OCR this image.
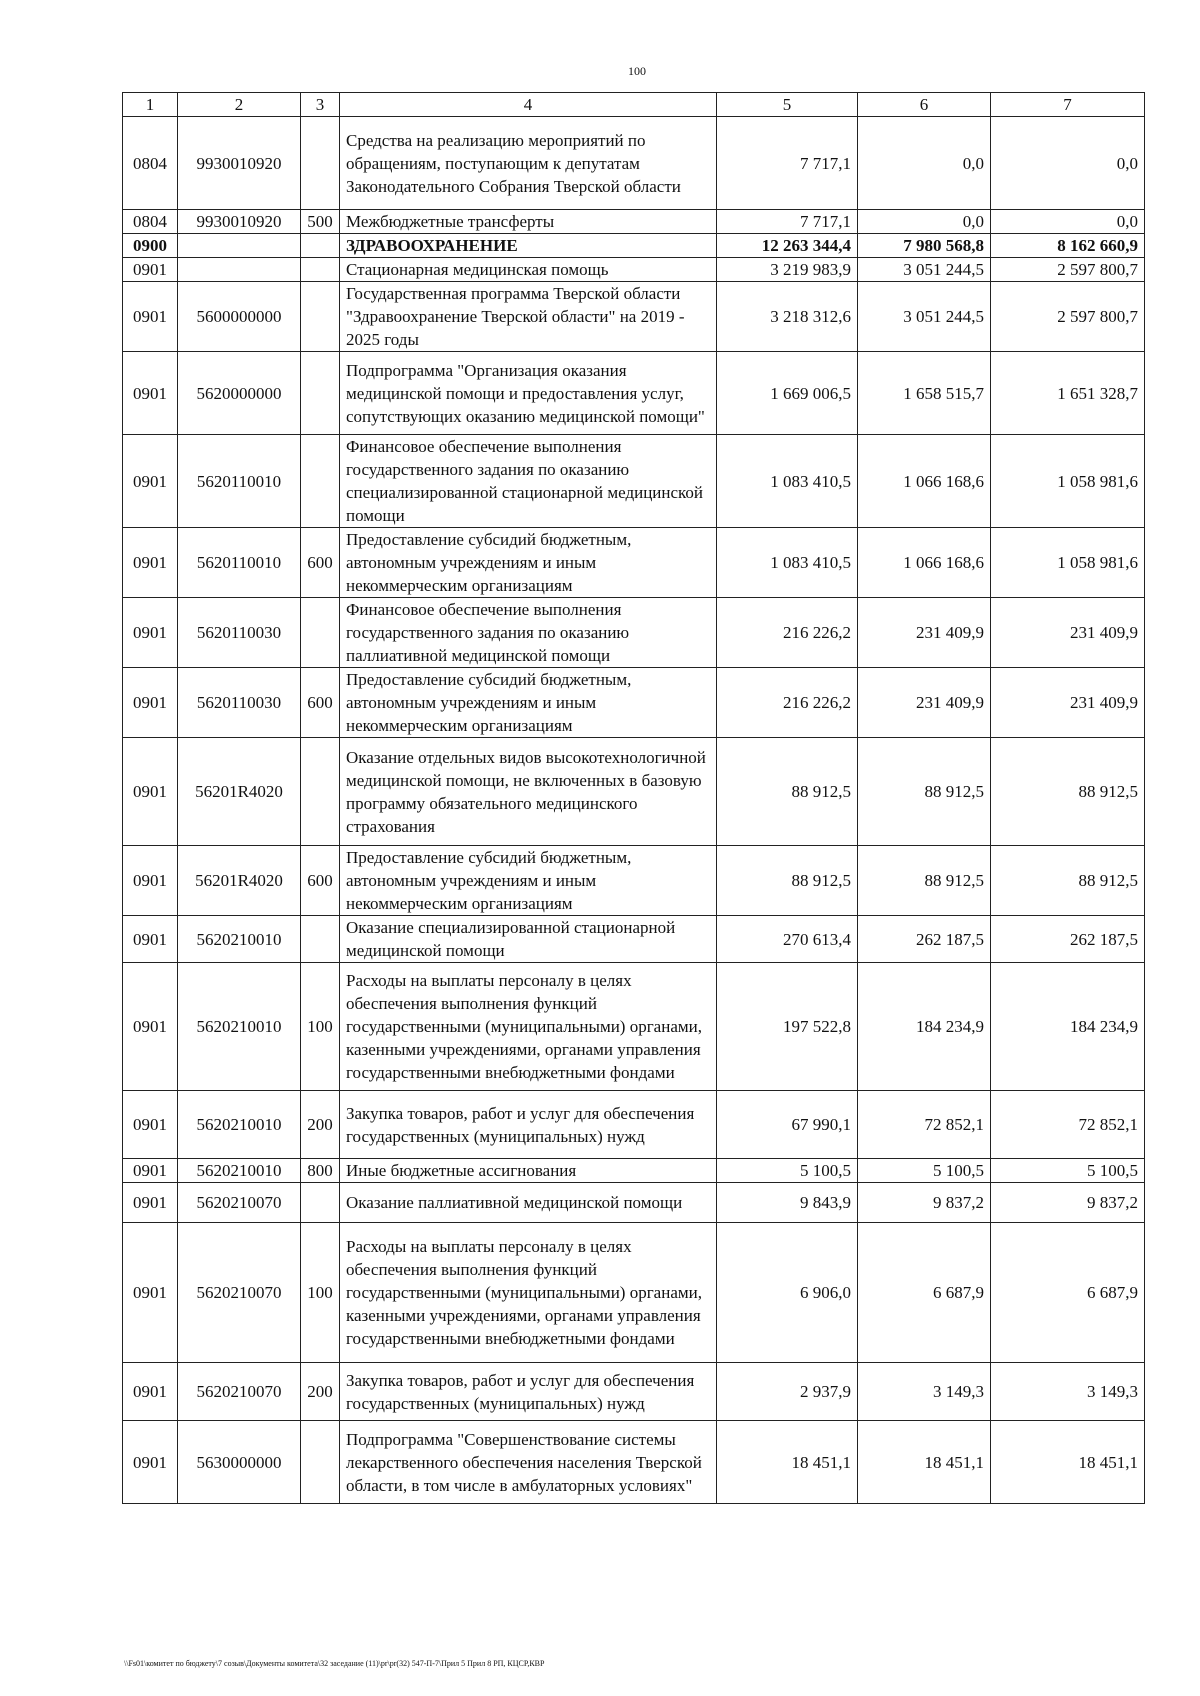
100
1	2	3	4	5	6	7
0804	9930010920		Средства на реализацию мероприятий по обращениям, поступающим к депутатам Законодательного Собрания Тверской области	7 717,1	0,0	0,0
0804	9930010920	500	Межбюджетные трансферты	7 717,1	0,0	0,0
0900			ЗДРАВООХРАНЕНИЕ	12 263 344,4	7 980 568,8	8 162 660,9
0901			Стационарная медицинская помощь	3 219 983,9	3 051 244,5	2 597 800,7
0901	5600000000		Государственная программа Тверской области "Здравоохранение Тверской области" на 2019 - 2025 годы	3 218 312,6	3 051 244,5	2 597 800,7
0901	5620000000		Подпрограмма "Организация оказания медицинской помощи и предоставления услуг, сопутствующих оказанию медицинской помощи"	1 669 006,5	1 658 515,7	1 651 328,7
0901	5620110010		Финансовое обеспечение выполнения государственного задания по оказанию специализированной стационарной медицинской помощи	1 083 410,5	1 066 168,6	1 058 981,6
0901	5620110010	600	Предоставление субсидий бюджетным, автономным учреждениям и иным некоммерческим организациям	1 083 410,5	1 066 168,6	1 058 981,6
0901	5620110030		Финансовое обеспечение выполнения государственного задания по оказанию паллиативной медицинской помощи	216 226,2	231 409,9	231 409,9
0901	5620110030	600	Предоставление субсидий бюджетным, автономным учреждениям и иным некоммерческим организациям	216 226,2	231 409,9	231 409,9
0901	56201R4020		Оказание отдельных видов высокотехнологичной медицинской помощи, не включенных в базовую программу обязательного медицинского страхования	88 912,5	88 912,5	88 912,5
0901	56201R4020	600	Предоставление субсидий бюджетным, автономным учреждениям и иным некоммерческим организациям	88 912,5	88 912,5	88 912,5
0901	5620210010		Оказание специализированной стационарной медицинской помощи	270 613,4	262 187,5	262 187,5
0901	5620210010	100	Расходы на выплаты персоналу в целях обеспечения выполнения функций государственными (муниципальными) органами, казенными учреждениями, органами управления государственными внебюджетными фондами	197 522,8	184 234,9	184 234,9
0901	5620210010	200	Закупка товаров, работ и услуг для обеспечения государственных (муниципальных) нужд	67 990,1	72 852,1	72 852,1
0901	5620210010	800	Иные бюджетные ассигнования	5 100,5	5 100,5	5 100,5
0901	5620210070		Оказание паллиативной медицинской помощи	9 843,9	9 837,2	9 837,2
0901	5620210070	100	Расходы на выплаты персоналу в целях обеспечения выполнения функций государственными (муниципальными) органами, казенными учреждениями, органами управления государственными внебюджетными фондами	6 906,0	6 687,9	6 687,9
0901	5620210070	200	Закупка товаров, работ и услуг для обеспечения государственных (муниципальных) нужд	2 937,9	3 149,3	3 149,3
0901	5630000000		Подпрограмма "Совершенствование системы лекарственного обеспечения населения Тверской области, в том числе в амбулаторных условиях"	18 451,1	18 451,1	18 451,1
\\Fs01\комитет по бюджету\7 созыв\Документы комитета\32 заседание (11)\pr\pr(32) 547-П-7\Прил 5 Прил 8 РП, КЦСР,КВР
